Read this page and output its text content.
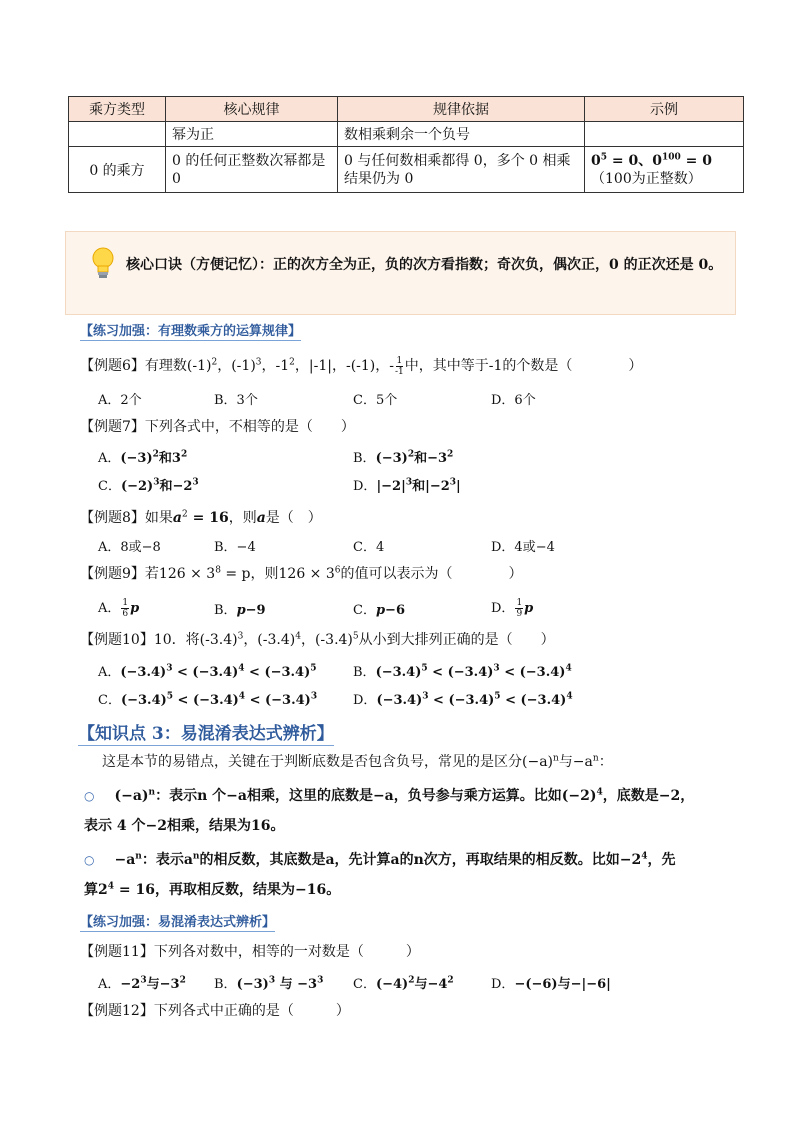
乘方类型	核心规律	规律依据	示例
	幂为正	数相乘剩余一个负号	
0 的乘方	0 的任何正整数次幂都是 0	0 与任何数相乘都得 0，多个 0 相乘结果仍为 0	$0^5 = 0$、$0^{100} = 0$
（100为正整数）
核心口诀（方便记忆）：正的次方全为正，负的次方看指数；奇次负，偶次正，0 的正次还是 0。
【练习加强：有理数乘方的运算规律】
【例题6】有理数$(-1)^2$，$(-1)^3$，$-1^2$，|-1|，-(-1)，- $\frac{1}{-1}$ 中，其中等于-1的个数是（　　　　）
A．2个	B．3个	C．5个	D．6个
【例题7】下列各式中，不相等的是（　　）
A．$(-3)^2$和$3^2$	B．$(-3)^2$和$-3^2$
C．$(-2)^3$和$-2^3$	D．$|-2|^3$和$|-2^3|$
【例题8】如果$a^2 = 16$，则a是（　）
A．8或−8	B．−4	C．4	D．4或−4
【例题9】若$126 \times 3^8 = p$，则$126 \times 3^6$的值可以表示为（　　　　）
A． $\frac{1}{6}$ p	B．p−9	C．p−6	D． $\frac{1}{9}$ p
【例题10】10．将$(-3.4)^3$，$(-3.4)^4$，$(-3.4)^5$从小到大排列正确的是（　　）
A．$(-3.4)^3 < (-3.4)^4 < (-3.4)^5$	B．$(-3.4)^5 < (-3.4)^3 < (-3.4)^4$
C．$(-3.4)^5 < (-3.4)^4 < (-3.4)^3$	D．$(-3.4)^3 < (-3.4)^5 < (-3.4)^4$
【知识点 3：易混淆表达式辨析】
这是本节的易错点，关键在于判断底数是否包含负号，常见的是区分$(-a)^n$与$-a^n$：
○ $(-a)^n$：表示n 个−a相乘，这里的底数是−a，负号参与乘方运算。比如$(-2)^4$，底数是−2，
表示 4 个−2相乘，结果为16。
○ $-a^n$：表示$a^n$的相反数，其底数是a，先计算a的n次方，再取结果的相反数。比如$-2^4$，先
算$2^4 = 16$，再取相反数，结果为−16。
【练习加强：易混淆表达式辨析】
【例题11】下列各对数中，相等的一对数是（　　　）
A．$-2^3$与$-3^2$ B．$(-3)^3$ 与 $-3^3$ C．$(-4)^2$与$-4^2$	D．−(−6)与−|−6|
【例题12】下列各式中正确的是（　　　）
